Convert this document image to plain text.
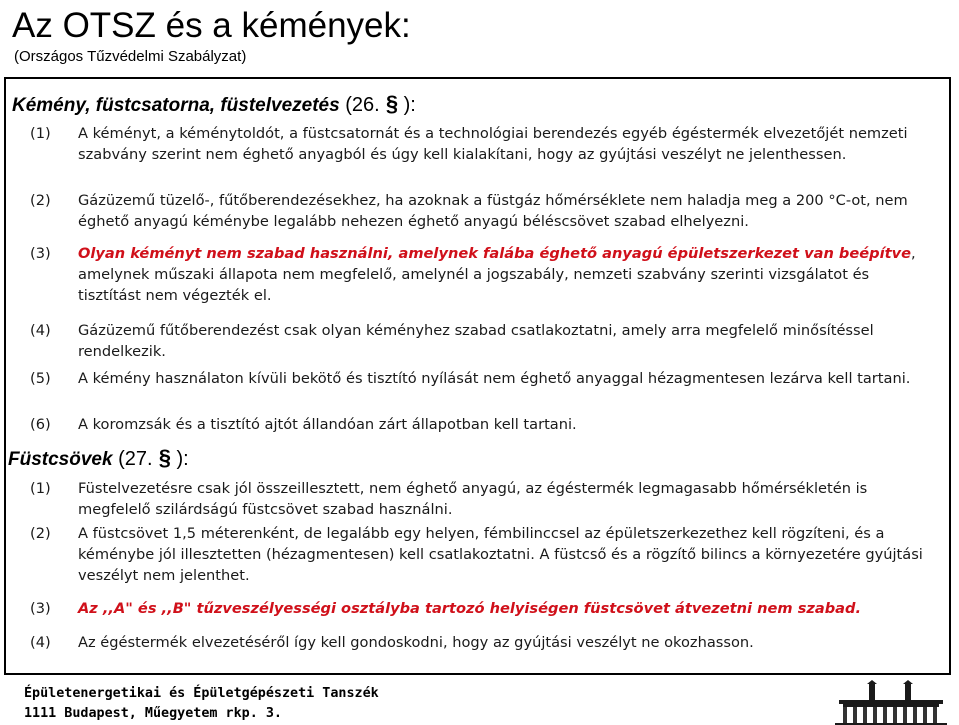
Az OTSZ és a kémények:
(Országos Tűzvédelmi Szabályzat)
Kémény, füstcsatorna, füstelvezetés (26. § ):
(1) A kéményt, a kéménytoldót, a füstcsatornát és a technológiai berendezés egyéb égéstermék elvezetőjét nemzeti szabvány szerint nem éghető anyagból és úgy kell kialakítani, hogy az gyújtási veszélyt ne jelenthessen.
(2) Gázüzemű tüzelő-, fűtőberendezésekhez, ha azoknak a füstgáz hőmérséklete nem haladja meg a 200 °C-ot, nem éghető anyagú kéménybe legalább nehezen éghető anyagú béléscsövet szabad elhelyezni.
(3) Olyan kéményt nem szabad használni, amelynek falába éghető anyagú épületszerkezet van beépítve, amelynek műszaki állapota nem megfelelő, amelynél a jogszabály, nemzeti szabvány szerinti vizsgálatot és tisztítást nem végezték el.
(4) Gázüzemű fűtőberendezést csak olyan kéményhez szabad csatlakoztatni, amely arra megfelelő minősítéssel rendelkezik.
(5) A kémény használaton kívüli bekötő és tisztító nyílását nem éghető anyaggal hézagmentesen lezárva kell tartani.
(6) A koromzsák és a tisztító ajtót állandóan zárt állapotban kell tartani.
Füstcsövek (27. § ):
(1) Füstelvezetésre csak jól összeillesztett, nem éghető anyagú, az égéstermék legmagasabb hőmérsékletén is megfelelő szilárdságú füstcsövet szabad használni.
(2) A füstcsövet 1,5 méterenként, de legalább egy helyen, fémbilinccsel az épületszerkezethez kell rögzíteni, és a kéménybe jól illesztetten (hézagmentesen) kell csatlakoztatni. A füstcső és a rögzítő bilincs a környezetére gyújtási veszélyt nem jelenthet.
(3) Az ,,A" és ,,B" tűzveszélyességi osztályba tartozó helyiségen füstcsövet átvezetni nem szabad.
(4) Az égéstermék elvezetéséről így kell gondoskodni, hogy az gyújtási veszélyt ne okozhasson.
Épületenergetikai és Épületgépészeti Tanszék
1111 Budapest, Műegyetem rkp. 3.
